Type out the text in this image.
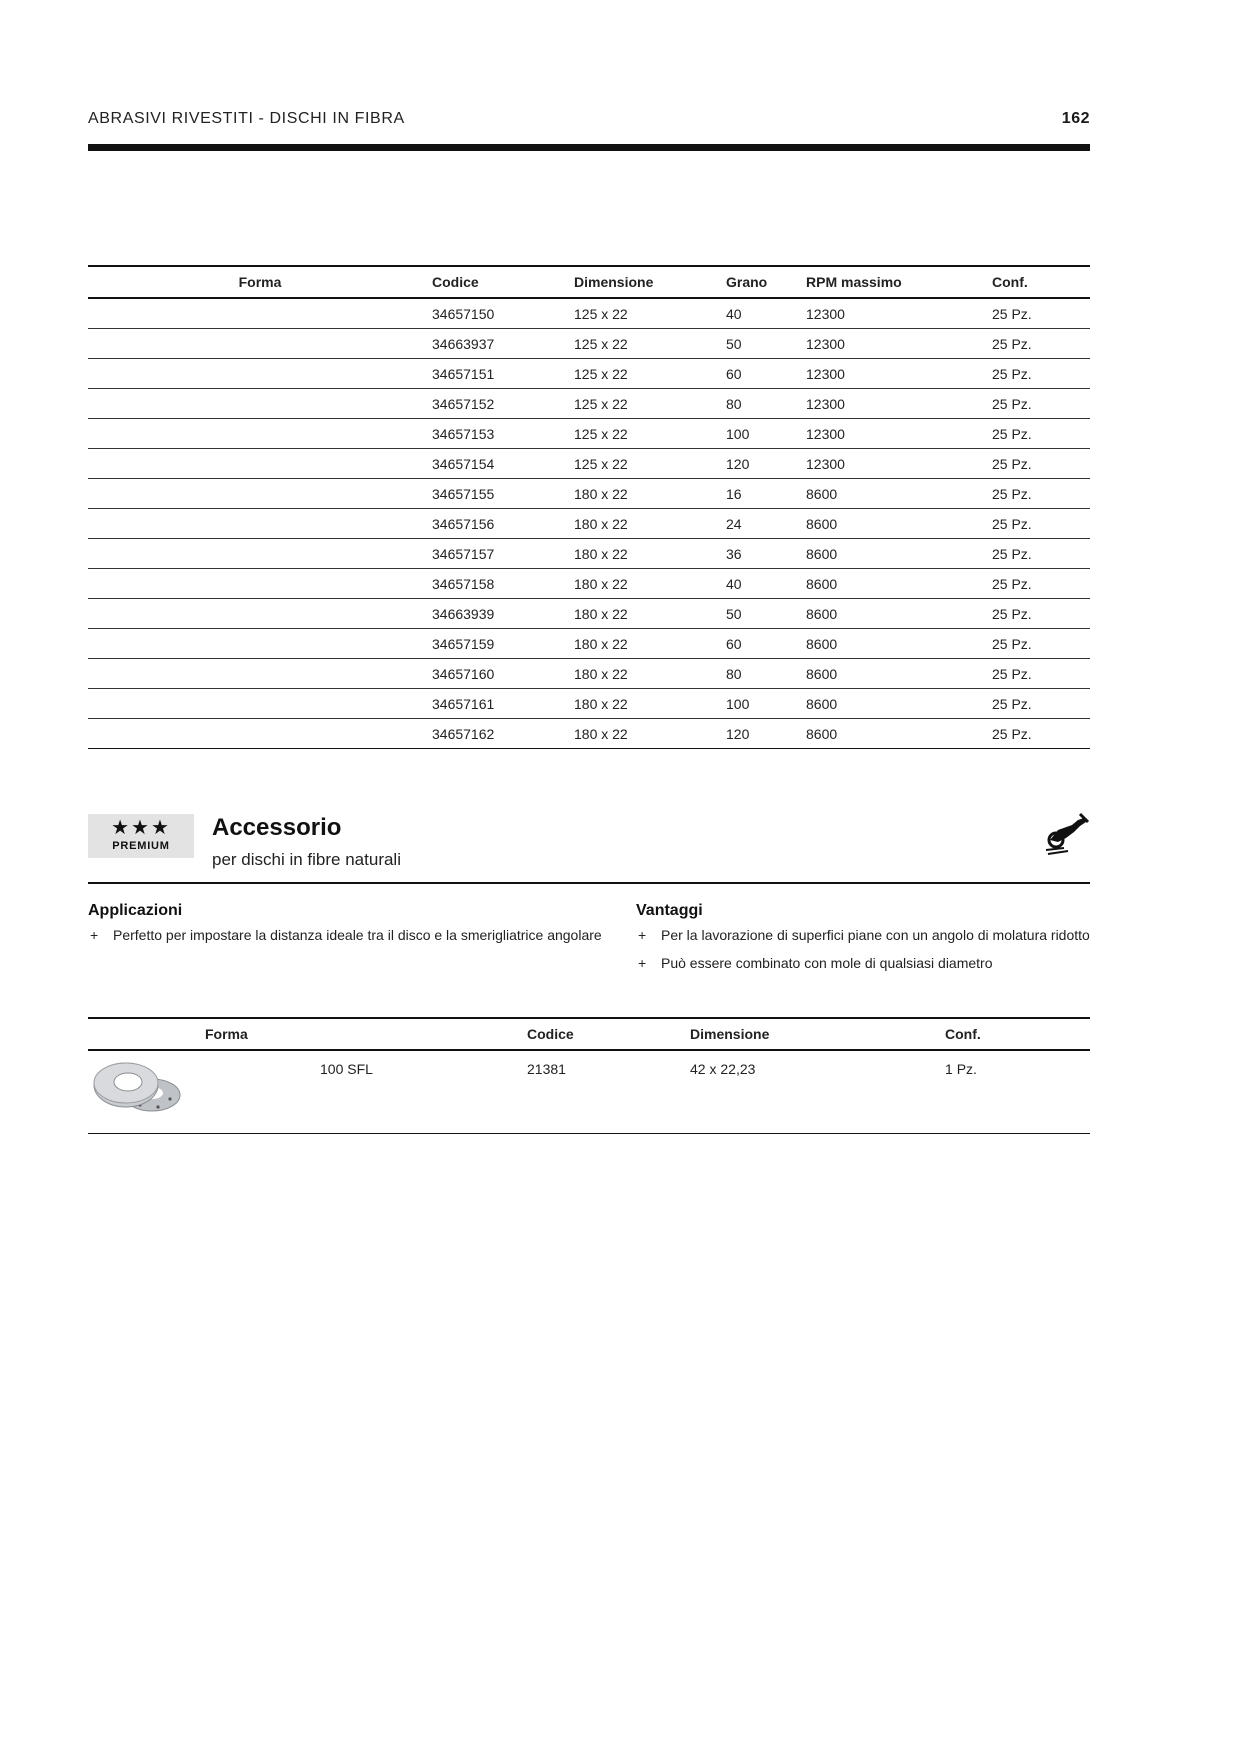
ABRASIVI RIVESTITI - DISCHI IN FIBRA	162
Forma	Codice	Dimensione	Grano	RPM massimo	Conf.
	34657150	125 x 22	40	12300	25 Pz.
	34663937	125 x 22	50	12300	25 Pz.
	34657151	125 x 22	60	12300	25 Pz.
	34657152	125 x 22	80	12300	25 Pz.
	34657153	125 x 22	100	12300	25 Pz.
	34657154	125 x 22	120	12300	25 Pz.
	34657155	180 x 22	16	8600	25 Pz.
	34657156	180 x 22	24	8600	25 Pz.
	34657157	180 x 22	36	8600	25 Pz.
	34657158	180 x 22	40	8600	25 Pz.
	34663939	180 x 22	50	8600	25 Pz.
	34657159	180 x 22	60	8600	25 Pz.
	34657160	180 x 22	80	8600	25 Pz.
	34657161	180 x 22	100	8600	25 Pz.
	34657162	180 x 22	120	8600	25 Pz.
★★★
PREMIUM
Accessorio
per dischi in fibre naturali
Applicazioni
+ Perfetto per impostare la distanza ideale tra il disco e la smerigliatrice angolare
Vantaggi
+ Per la lavorazione di superfici piane con un angolo di molatura ridotto
+ Può essere combinato con mole di qualsiasi diametro
Forma		Codice	Dimensione	Conf.

	100 SFL	21381	42 x 22,23	1 Pz.
